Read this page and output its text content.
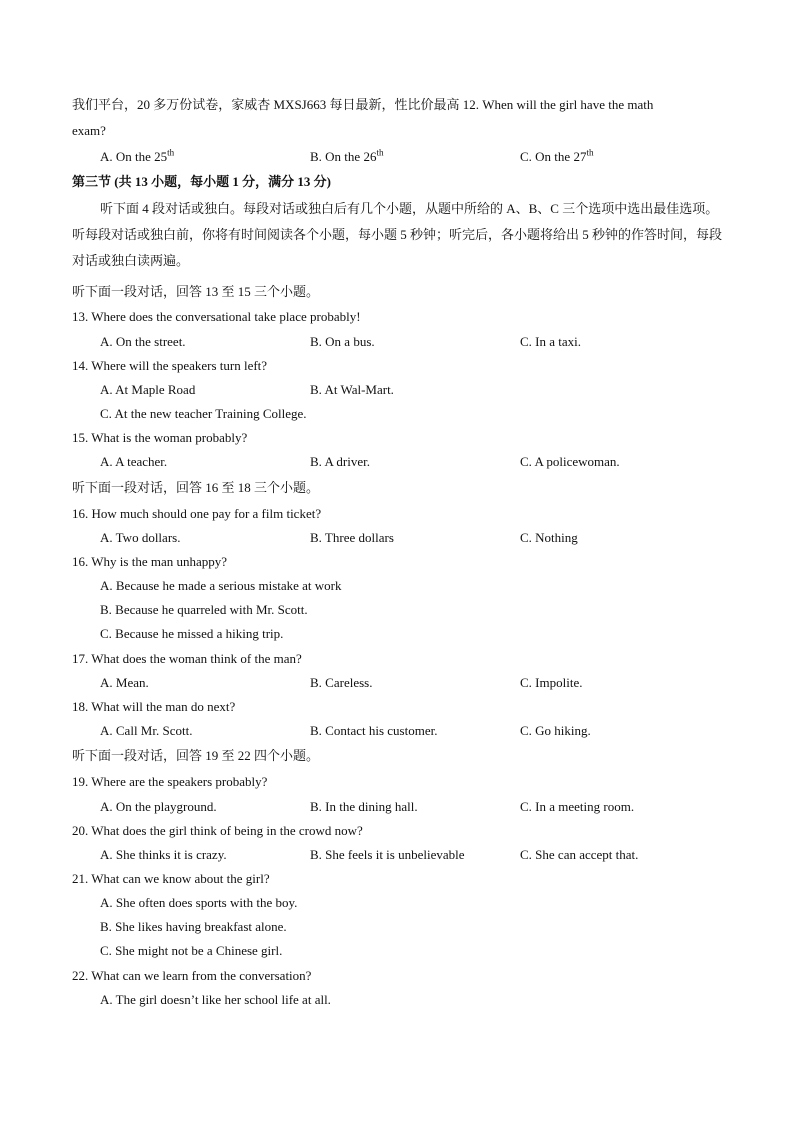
我们平台，20 多万份试卷，家威杏 MXSJ663 每日最新，性比价最高 12. When will the girl have the math
exam?
A. On the 25th	B. On the 26th	C. On the 27th
第三节 (共 13 小题，每小题 1 分，满分 13 分)
听下面 4 段对话或独白。每段对话或独白后有几个小题，从题中所给的 A、B、C 三个选项中选出最佳选项。听每段对话或独白前，你将有时间阅读各个小题，每小题 5 秒钟；听完后，各小题将给出 5 秒钟的作答时间，每段对话或独白读两遍。
听下面一段对话，回答 13 至 15 三个小题。
13. Where does the conversational take place probably!
A. On the street.	B. On a bus.	C. In a taxi.
14. Where will the speakers turn left?
A. At Maple Road	B. At Wal-Mart.
C. At the new teacher Training College.
15. What is the woman probably?
A. A teacher.	B. A driver.	C. A policewoman.
听下面一段对话，回答 16 至 18 三个小题。
16. How much should one pay for a film ticket?
A. Two dollars.	B. Three dollars	C. Nothing
16. Why is the man unhappy?
A. Because he made a serious mistake at work
B. Because he quarreled with Mr. Scott.
C. Because he missed a hiking trip.
17. What does the woman think of the man?
A. Mean.	B. Careless.	C. Impolite.
18. What will the man do next?
A. Call Mr. Scott.	B. Contact his customer.	C. Go hiking.
听下面一段对话，回答 19 至 22 四个小题。
19. Where are the speakers probably?
A. On the playground.	B. In the dining hall.	C. In a meeting room.
20. What does the girl think of being in the crowd now?
A. She thinks it is crazy.	B. She feels it is unbelievable	C. She can accept that.
21. What can we know about the girl?
A. She often does sports with the boy.
B. She likes having breakfast alone.
C. She might not be a Chinese girl.
22. What can we learn from the conversation?
A. The girl doesn’t like her school life at all.
